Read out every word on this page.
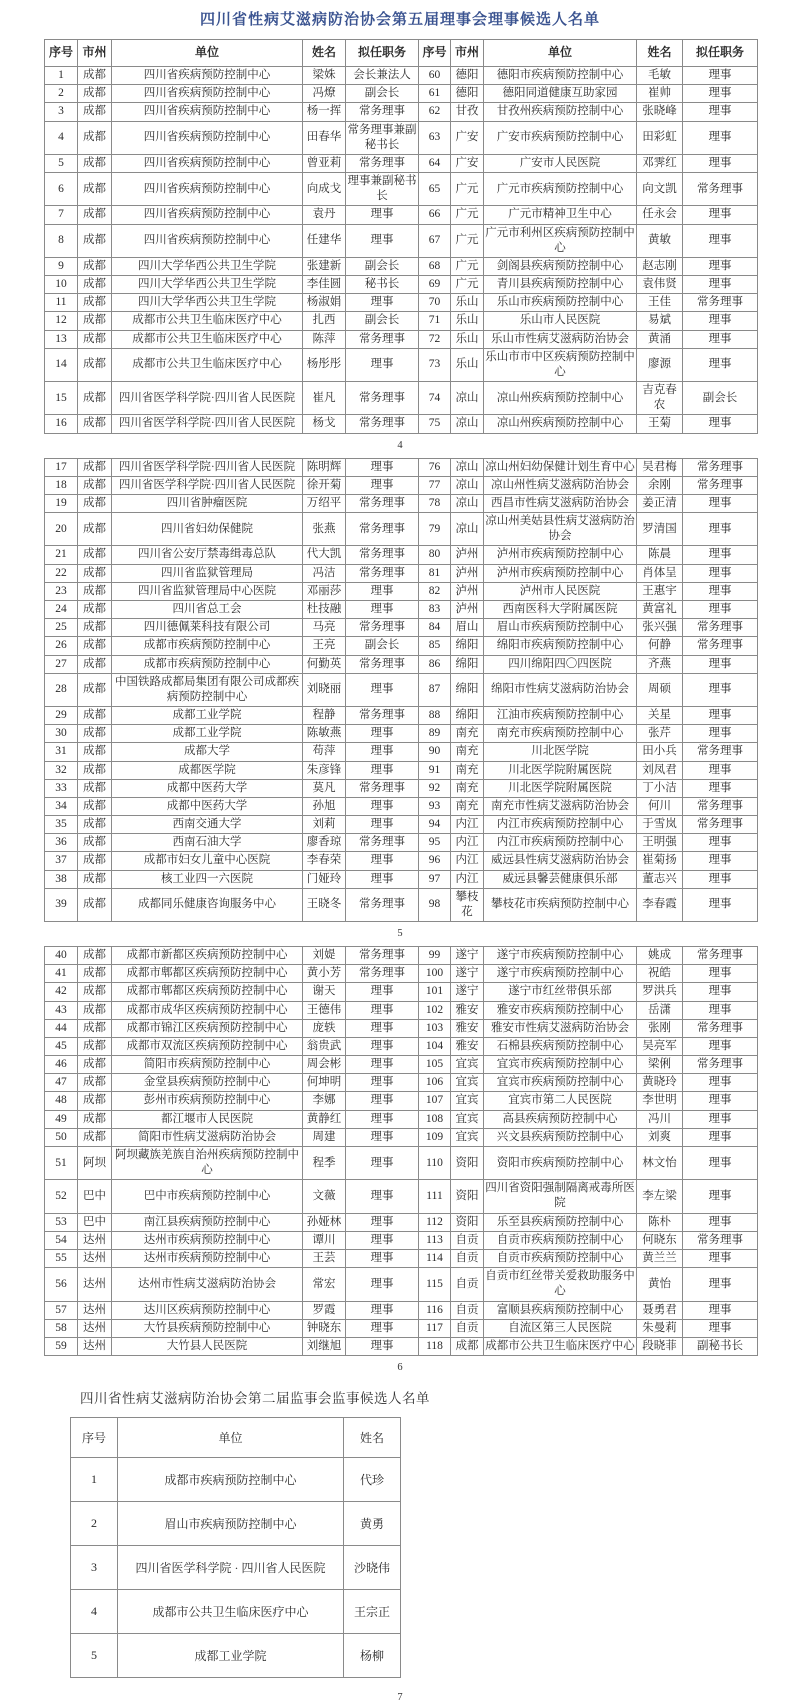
四川省性病艾滋病防治协会第五届理事会理事候选人名单
序号	市州	单位	姓名	拟任职务	序号	市州	单位	姓名	拟任职务
1	成都	四川省疾病预防控制中心	梁姝	会长兼法人	60	德阳	德阳市疾病预防控制中心	毛敏	理事
2	成都	四川省疾病预防控制中心	冯燎	副会长	61	德阳	德阳同道健康互助家园	崔帅	理事
3	成都	四川省疾病预防控制中心	杨一挥	常务理事	62	甘孜	甘孜州疾病预防控制中心	张晓峰	理事
4	成都	四川省疾病预防控制中心	田春华	常务理事兼副秘书长	63	广安	广安市疾病预防控制中心	田彩虹	理事
5	成都	四川省疾病预防控制中心	曾亚莉	常务理事	64	广安	广安市人民医院	邓霁红	理事
6	成都	四川省疾病预防控制中心	向成戈	理事兼副秘书长	65	广元	广元市疾病预防控制中心	向文凯	常务理事
7	成都	四川省疾病预防控制中心	袁丹	理事	66	广元	广元市精神卫生中心	任永会	理事
8	成都	四川省疾病预防控制中心	任建华	理事	67	广元	广元市利州区疾病预防控制中心	黄敏	理事
9	成都	四川大学华西公共卫生学院	张建新	副会长	68	广元	剑阁县疾病预防控制中心	赵志刚	理事
10	成都	四川大学华西公共卫生学院	李佳圆	秘书长	69	广元	青川县疾病预防控制中心	袁伟贤	理事
11	成都	四川大学华西公共卫生学院	杨淑娟	理事	70	乐山	乐山市疾病预防控制中心	王佳	常务理事
12	成都	成都市公共卫生临床医疗中心	扎西	副会长	71	乐山	乐山市人民医院	易斌	理事
13	成都	成都市公共卫生临床医疗中心	陈萍	常务理事	72	乐山	乐山市性病艾滋病防治协会	黄涌	理事
14	成都	成都市公共卫生临床医疗中心	杨彤彤	理事	73	乐山	乐山市市中区疾病预防控制中心	廖源	理事
15	成都	四川省医学科学院·四川省人民医院	崔凡	常务理事	74	凉山	凉山州疾病预防控制中心	吉克春农	副会长
16	成都	四川省医学科学院·四川省人民医院	杨戈	常务理事	75	凉山	凉山州疾病预防控制中心	王菊	理事
4
17	成都	四川省医学科学院·四川省人民医院	陈明辉	理事	76	凉山	凉山州妇幼保健计划生育中心	吴君梅	常务理事
18	成都	四川省医学科学院·四川省人民医院	徐开菊	理事	77	凉山	凉山州性病艾滋病防治协会	余刚	常务理事
19	成都	四川省肿瘤医院	万绍平	常务理事	78	凉山	西昌市性病艾滋病防治协会	姜正清	理事
20	成都	四川省妇幼保健院	张燕	常务理事	79	凉山	凉山州美姑县性病艾滋病防治协会	罗清国	理事
21	成都	四川省公安厅禁毒缉毒总队	代大凯	常务理事	80	泸州	泸州市疾病预防控制中心	陈晨	理事
22	成都	四川省监狱管理局	冯洁	常务理事	81	泸州	泸州市疾病预防控制中心	肖体呈	理事
23	成都	四川省监狱管理局中心医院	邓丽莎	理事	82	泸州	泸州市人民医院	王惠宇	理事
24	成都	四川省总工会	杜技融	理事	83	泸州	西南医科大学附属医院	黄富礼	理事
25	成都	四川德佩莱科技有限公司	马亮	常务理事	84	眉山	眉山市疾病预防控制中心	张兴强	常务理事
26	成都	成都市疾病预防控制中心	王亮	副会长	85	绵阳	绵阳市疾病预防控制中心	何静	常务理事
27	成都	成都市疾病预防控制中心	何勤英	常务理事	86	绵阳	四川绵阳四〇四医院	齐燕	理事
28	成都	中国铁路成都局集团有限公司成都疾病预防控制中心	刘晓丽	理事	87	绵阳	绵阳市性病艾滋病防治协会	周硕	理事
29	成都	成都工业学院	程静	常务理事	88	绵阳	江油市疾病预防控制中心	关星	理事
30	成都	成都工业学院	陈敏燕	理事	89	南充	南充市疾病预防控制中心	张芹	理事
31	成都	成都大学	苟萍	理事	90	南充	川北医学院	田小兵	常务理事
32	成都	成都医学院	朱彦锋	理事	91	南充	川北医学院附属医院	刘凤君	理事
33	成都	成都中医药大学	莫凡	常务理事	92	南充	川北医学院附属医院	丁小洁	理事
34	成都	成都中医药大学	孙旭	理事	93	南充	南充市性病艾滋病防治协会	何川	常务理事
35	成都	西南交通大学	刘莉	理事	94	内江	内江市疾病预防控制中心	于雪岚	常务理事
36	成都	西南石油大学	廖香琼	常务理事	95	内江	内江市疾病预防控制中心	王明强	理事
37	成都	成都市妇女儿童中心医院	李春荣	理事	96	内江	威远县性病艾滋病防治协会	崔菊扬	理事
38	成都	核工业四一六医院	门娅玲	理事	97	内江	威远县馨芸健康俱乐部	董志兴	理事
39	成都	成都同乐健康咨询服务中心	王晓冬	常务理事	98	攀枝花	攀枝花市疾病预防控制中心	李春霞	理事
5
40	成都	成都市新都区疾病预防控制中心	刘媞	常务理事	99	遂宁	遂宁市疾病预防控制中心	姚成	常务理事
41	成都	成都市郫都区疾病预防控制中心	黄小芳	常务理事	100	遂宁	遂宁市疾病预防控制中心	祝皓	理事
42	成都	成都市郫都区疾病预防控制中心	谢天	理事	101	遂宁	遂宁市红丝带俱乐部	罗洪兵	理事
43	成都	成都市成华区疾病预防控制中心	王德伟	理事	102	雅安	雅安市疾病预防控制中心	岳潇	理事
44	成都	成都市锦江区疾病预防控制中心	庞轶	理事	103	雅安	雅安市性病艾滋病防治协会	张刚	常务理事
45	成都	成都市双流区疾病预防控制中心	翁贵武	理事	104	雅安	石棉县疾病预防控制中心	吴亮军	理事
46	成都	简阳市疾病预防控制中心	周会彬	理事	105	宜宾	宜宾市疾病预防控制中心	梁俐	常务理事
47	成都	金堂县疾病预防控制中心	何坤明	理事	106	宜宾	宜宾市疾病预防控制中心	黄晓玲	理事
48	成都	彭州市疾病预防控制中心	李娜	理事	107	宜宾	宜宾市第二人民医院	李世明	理事
49	成都	都江堰市人民医院	黄静红	理事	108	宜宾	高县疾病预防控制中心	冯川	理事
50	成都	简阳市性病艾滋病防治协会	周建	理事	109	宜宾	兴文县疾病预防控制中心	刘爽	理事
51	阿坝	阿坝藏族羌族自治州疾病预防控制中心	程季	理事	110	资阳	资阳市疾病预防控制中心	林文怡	理事
52	巴中	巴中市疾病预防控制中心	文薇	理事	111	资阳	四川省资阳强制隔离戒毒所医院	李左梁	理事
53	巴中	南江县疾病预防控制中心	孙娅林	理事	112	资阳	乐至县疾病预防控制中心	陈朴	理事
54	达州	达州市疾病预防控制中心	谭川	理事	113	自贡	自贡市疾病预防控制中心	何晓东	常务理事
55	达州	达州市疾病预防控制中心	王芸	理事	114	自贡	自贡市疾病预防控制中心	黄兰兰	理事
56	达州	达州市性病艾滋病防治协会	常宏	理事	115	自贡	自贡市红丝带关爱救助服务中心	黄怡	理事
57	达州	达川区疾病预防控制中心	罗霞	理事	116	自贡	富顺县疾病预防控制中心	聂勇君	理事
58	达州	大竹县疾病预防控制中心	钟晓东	理事	117	自贡	自流区第三人民医院	朱曼莉	理事
59	达州	大竹县人民医院	刘继旭	理事	118	成都	成都市公共卫生临床医疗中心	段晓菲	副秘书长
6
四川省性病艾滋病防治协会第二届监事会监事候选人名单
序号	单位	姓名
1	成都市疾病预防控制中心	代珍
2	眉山市疾病预防控制中心	黄勇
3	四川省医学科学院 · 四川省人民医院	沙晓伟
4	成都市公共卫生临床医疗中心	王宗正
5	成都工业学院	杨柳
7
